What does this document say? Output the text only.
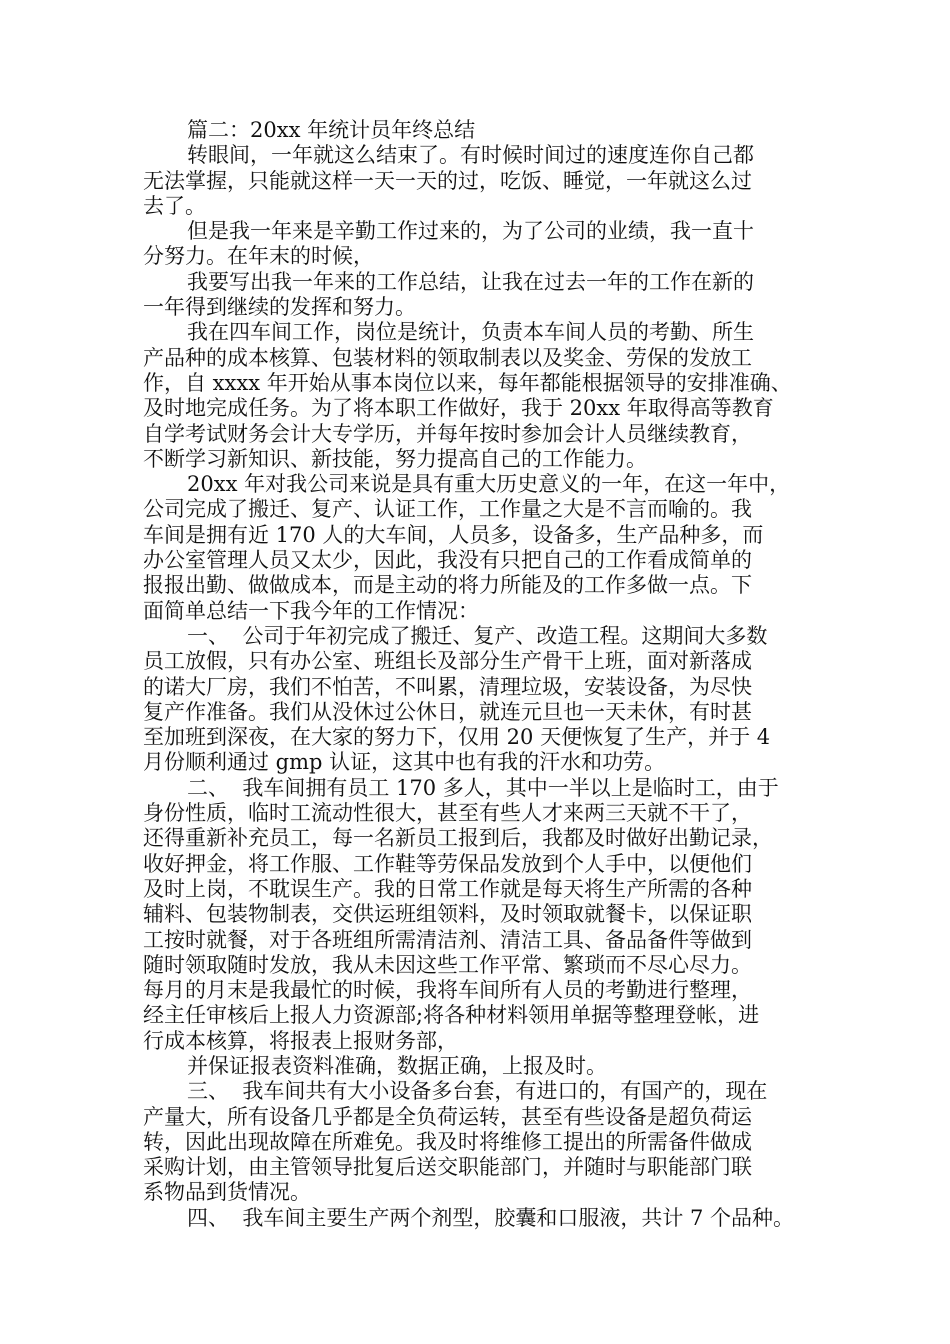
篇二：20xx 年统计员年终总结
转眼间，一年就这么结束了。有时候时间过的速度连你自己都
无法掌握，只能就这样一天一天的过，吃饭、睡觉，一年就这么过
去了。
但是我一年来是辛勤工作过来的，为了公司的业绩，我一直十
分努力。在年末的时候，
我要写出我一年来的工作总结，让我在过去一年的工作在新的
一年得到继续的发挥和努力。
我在四车间工作，岗位是统计，负责本车间人员的考勤、所生
产品种的成本核算、包装材料的领取制表以及奖金、劳保的发放工
作，自 xxxx 年开始从事本岗位以来，每年都能根据领导的安排准确、
及时地完成任务。为了将本职工作做好，我于 20xx 年取得高等教育
自学考试财务会计大专学历，并每年按时参加会计人员继续教育，
不断学习新知识、新技能，努力提高自己的工作能力。
20xx 年对我公司来说是具有重大历史意义的一年，在这一年中，
公司完成了搬迁、复产、认证工作，工作量之大是不言而喻的。我
车间是拥有近 170 人的大车间，人员多，设备多，生产品种多，而
办公室管理人员又太少，因此，我没有只把自己的工作看成简单的
报报出勤、做做成本，而是主动的将力所能及的工作多做一点。下
面简单总结一下我今年的工作情况：
一、  公司于年初完成了搬迁、复产、改造工程。这期间大多数
员工放假，只有办公室、班组长及部分生产骨干上班，面对新落成
的诺大厂房，我们不怕苦，不叫累，清理垃圾，安装设备，为尽快
复产作准备。我们从没休过公休日，就连元旦也一天未休，有时甚
至加班到深夜，在大家的努力下，仅用 20 天便恢复了生产，并于 4
月份顺利通过 gmp 认证，这其中也有我的汗水和功劳。
二、  我车间拥有员工 170 多人，其中一半以上是临时工，由于
身份性质，临时工流动性很大，甚至有些人才来两三天就不干了，
还得重新补充员工，每一名新员工报到后，我都及时做好出勤记录，
收好押金，将工作服、工作鞋等劳保品发放到个人手中，以便他们
及时上岗，不耽误生产。我的日常工作就是每天将生产所需的各种
辅料、包装物制表，交供运班组领料，及时领取就餐卡，以保证职
工按时就餐，对于各班组所需清洁剂、清洁工具、备品备件等做到
随时领取随时发放，我从未因这些工作平常、繁琐而不尽心尽力。
每月的月末是我最忙的时候，我将车间所有人员的考勤进行整理，
经主任审核后上报人力资源部;将各种材料领用单据等整理登帐，进
行成本核算，将报表上报财务部，
并保证报表资料准确，数据正确，上报及时。
三、  我车间共有大小设备多台套，有进口的，有国产的，现在
产量大，所有设备几乎都是全负荷运转，甚至有些设备是超负荷运
转，因此出现故障在所难免。我及时将维修工提出的所需备件做成
采购计划，由主管领导批复后送交职能部门，并随时与职能部门联
系物品到货情况。
四、  我车间主要生产两个剂型，胶囊和口服液，共计 7 个品种。
